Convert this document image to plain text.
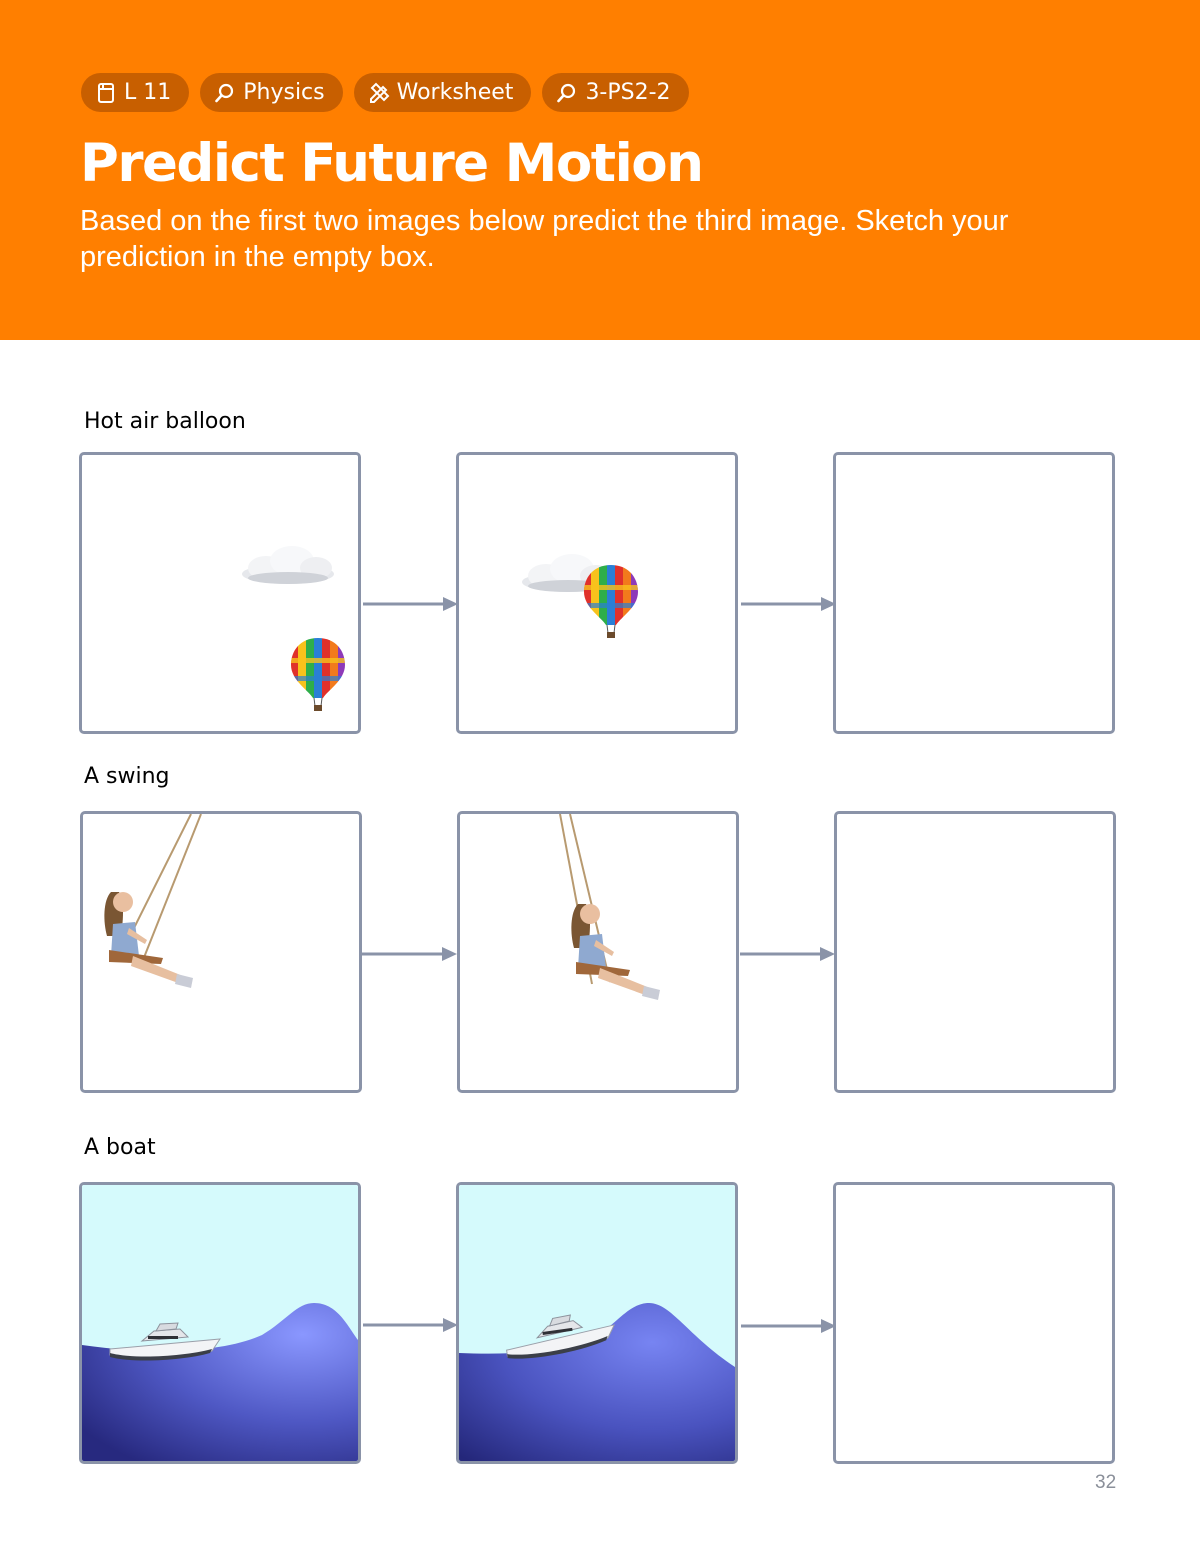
L 11	Physics	Worksheet	3-PS2-2
Predict Future Motion

Based on the first two images below predict the third image. Sketch your prediction in the empty box.

Hot air balloon
A swing
A boat
32
